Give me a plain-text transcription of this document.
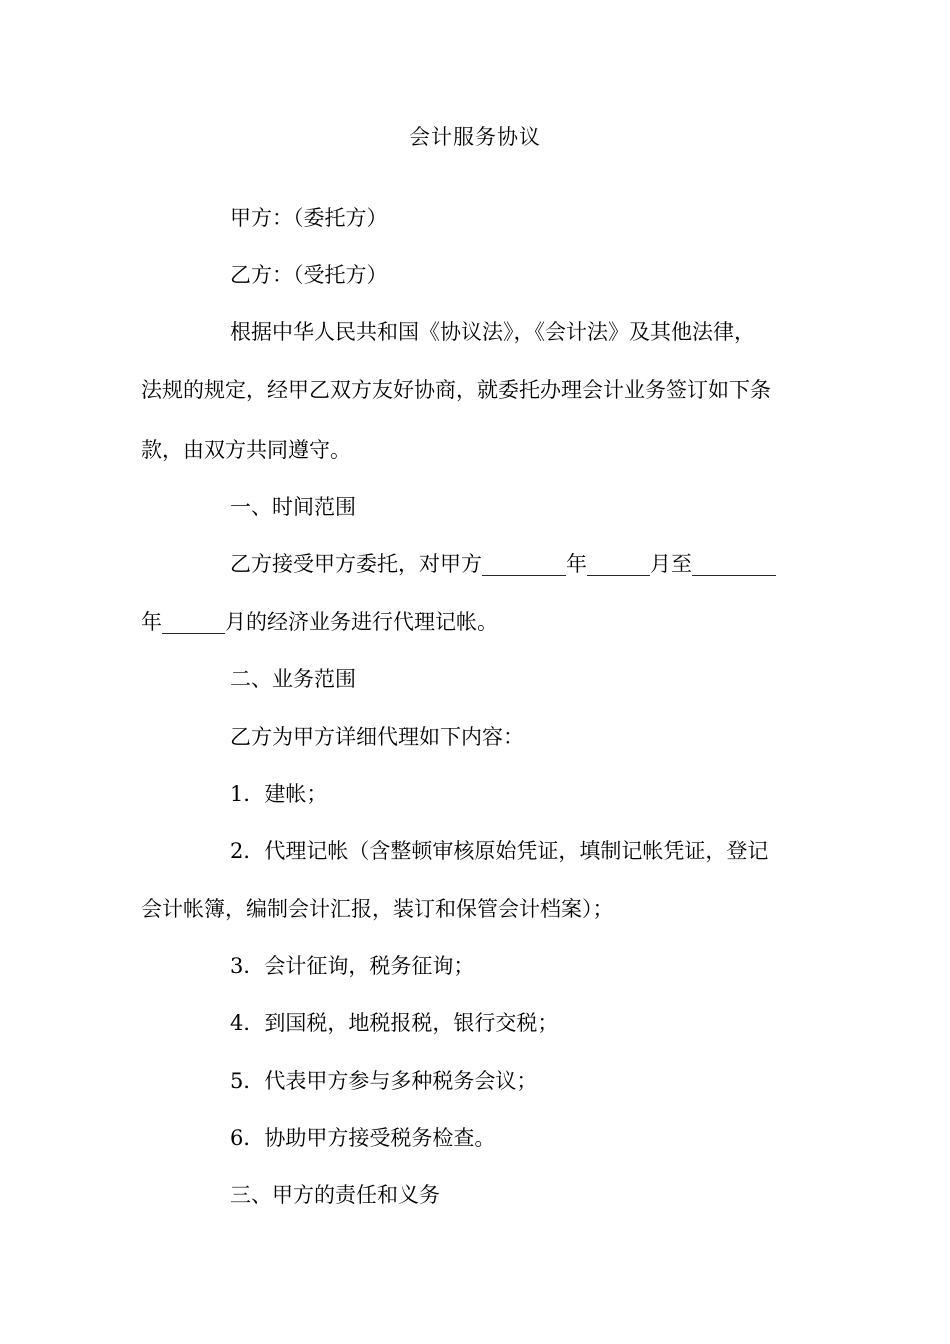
会计服务协议
甲方：（委托方）
乙方：（受托方）
根据中华人民共和国《协议法》，《会计法》及其他法律，
法规的规定，经甲乙双方友好协商，就委托办理会计业务签订如下条
款，由双方共同遵守。
一、时间范围
乙方接受甲方委托，对甲方________年______月至________
年______月的经济业务进行代理记帐。
二、业务范围
乙方为甲方详细代理如下内容：
1．建帐；
2．代理记帐（含整顿审核原始凭证，填制记帐凭证，登记
会计帐簿，编制会计汇报，装订和保管会计档案）；
3．会计征询，税务征询；
4．到国税，地税报税，银行交税；
5．代表甲方参与多种税务会议；
6．协助甲方接受税务检查。
三、甲方的责任和义务
